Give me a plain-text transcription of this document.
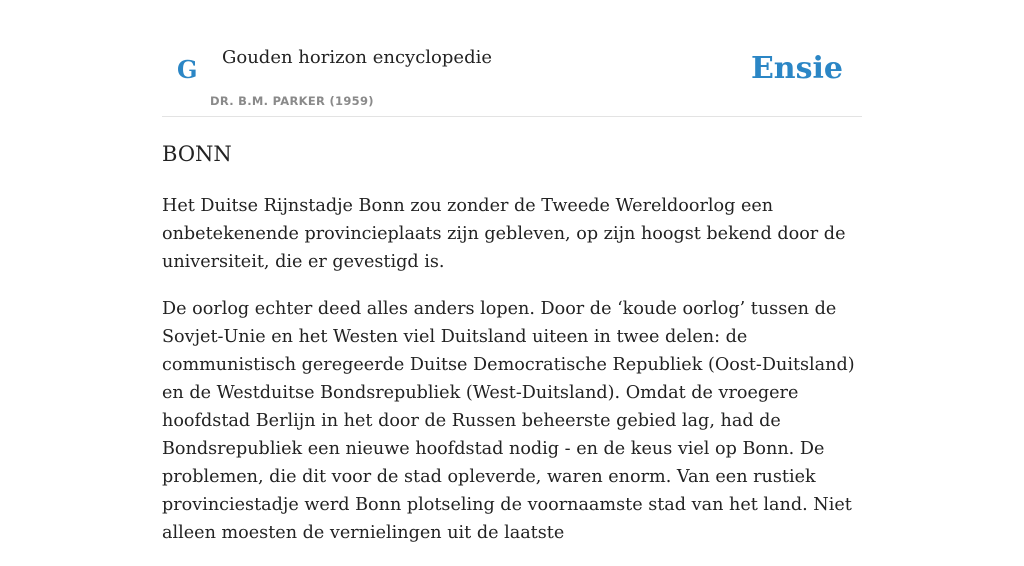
G Gouden horizon encyclopedie
DR. B.M. PARKER (1959)
Ensie
BONN

Het Duitse Rijnstadje Bonn zou zonder de Tweede Wereldoorlog een onbetekenende provincieplaats zijn gebleven, op zijn hoogst bekend door de universiteit, die er gevestigd is.

De oorlog echter deed alles anders lopen. Door de ‘koude oorlog’ tussen de Sovjet-Unie en het Westen viel Duitsland uiteen in twee delen: de communistisch geregeerde Duitse Democratische Republiek (Oost-Duitsland) en de Westduitse Bondsrepubliek (West-Duitsland). Omdat de vroegere hoofdstad Berlijn in het door de Russen beheerste gebied lag, had de Bondsrepubliek een nieuwe hoofdstad nodig - en de keus viel op Bonn. De problemen, die dit voor de stad opleverde, waren enorm. Van een rustiek provinciestadje werd Bonn plotseling de voornaamste stad van het land. Niet alleen moesten de vernielingen uit de laatste
